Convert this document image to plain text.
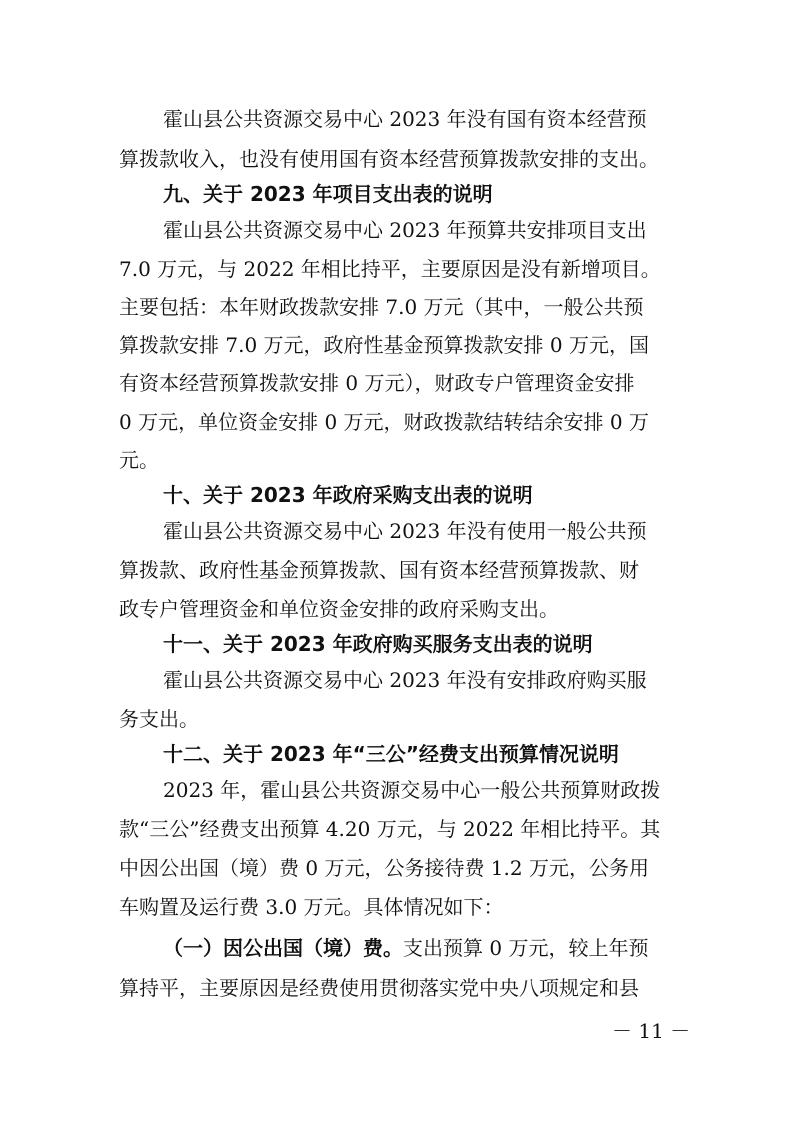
霍山县公共资源交易中心 2023 年没有国有资本经营预
算拨款收入，也没有使用国有资本经营预算拨款安排的支出。
九、关于 2023 年项目支出表的说明
霍山县公共资源交易中心 2023 年预算共安排项目支出
7.0 万元，与 2022 年相比持平，主要原因是没有新增项目。
主要包括：本年财政拨款安排 7.0 万元（其中，一般公共预
算拨款安排 7.0 万元，政府性基金预算拨款安排 0 万元，国
有资本经营预算拨款安排 0 万元），财政专户管理资金安排
0 万元，单位资金安排 0 万元，财政拨款结转结余安排 0 万
元。
十、关于 2023 年政府采购支出表的说明
霍山县公共资源交易中心 2023 年没有使用一般公共预
算拨款、政府性基金预算拨款、国有资本经营预算拨款、财
政专户管理资金和单位资金安排的政府采购支出。
十一、关于 2023 年政府购买服务支出表的说明
霍山县公共资源交易中心 2023 年没有安排政府购买服
务支出。
十二、关于 2023 年“三公”经费支出预算情况说明
2023 年，霍山县公共资源交易中心一般公共预算财政拨
款“三公”经费支出预算 4.20 万元，与 2022 年相比持平。其
中因公出国（境）费 0 万元，公务接待费 1.2 万元，公务用
车购置及运行费 3.0 万元。具体情况如下：
（一）因公出国（境）费。支出预算 0 万元，较上年预
算持平，主要原因是经费使用贯彻落实党中央八项规定和县
－ 11 －
